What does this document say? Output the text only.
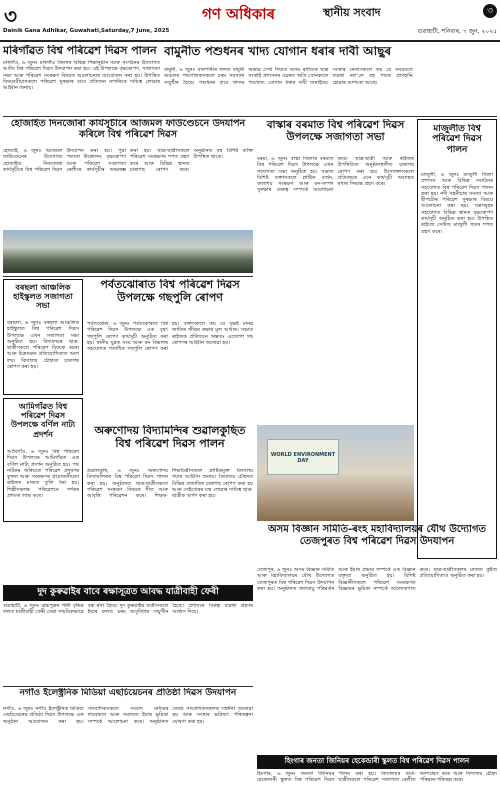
৩	গণ অধিকাৰ	স্থানীয় সংবাদ	৩
Dainik Gana Adhikar, Guwahati,Saturday,7 June, 2025	গুৱাহাটী, শনিবাৰ, ৭ জুন, ২০২৫
মৰিগাঁৱত বিশ্ব পৰিৱেশ দিৱস পালন
মৰিগাঁও, ৬ জুনঃ মৰিগাঁও জিলাৰ বিভিন্ন শিক্ষানুষ্ঠান আৰু সংগঠনৰ উদ্যোগত আজি বিশ্ব পৰিৱেশ দিৱস উদযাপন কৰা হয়। এই উপলক্ষে বৃক্ষৰোপণ, সজাগতা সভা আৰু পৰিৱেশ সংৰক্ষণ বিষয়ক আলোচনাৰ আয়োজন কৰা হয়। উপস্থিত বিষয়ববীয়াসকলে পৰিৱেশ সুৰক্ষাৰ বাবে প্ৰতিজন নাগৰিকে দায়িত্ব লোৱাৰ আহ্বান জনায়।
বামুনীত পশুধনৰ খাদ্য যোগান ধৰাৰ দাবী আছুৰ
বামুনী, ৬ জুনঃ বানপানীৰ ফলত বামুনী অঞ্চলৰ পশুপালকসকলে চৰম সমস্যাৰ সন্মুখীন হৈছে। পশুধনৰ বাবে খাদ্যৰ অভাৱ দেখা দিয়াত অসম ৰাজ্যিক ছাত্ৰ সংস্থাই প্ৰশাসনৰ ওচৰত অতি সোনকালে পশুখাদ্য যোগান ধৰাৰ দাবী জনাইছে। সংস্থাৰ নেতাসকলে কয় যে সময়মতে ব্যৱস্থা নলʼলে বহু পশুৰ প্ৰাণহানি হোৱাৰ আশংকা আছে।
হোজাইত দিনজোৰা কাৰ্যসূচীৰে আজমল ফাউণ্ডেচনে উদযাপন কৰিলে বিশ্ব পৰিৱেশ দিৱস
হোজাই, ৬ জুনঃ আজমল ফাউণ্ডেচনৰ উদ্যোগত হোজাইত দিনজোৰা কাৰ্যসূচীৰে বিশ্ব পৰিৱেশ দিৱস উদযাপন কৰা হয়। পুৱা পতাকা উত্তোলন, বৃক্ষৰোপণ আৰু পৰিৱেশ সজাগতা ৰেলীৰে কাৰ্যসূচীৰ শুভাৰম্ভ কৰা হয়। ছাত্ৰ-ছাত্ৰীসকলে পৰিৱেশ সংৰক্ষণৰ শপত গ্ৰহণ কৰে আৰু বিভিন্ন স্থানত চাৰাগছ ৰোপণ কৰে। অনুষ্ঠানত বহু বিশিষ্ট ব্যক্তি উপস্থিত থাকে।
বাস্কাৰ বৰমাত বিশ্ব পৰিৱেশ দিৱস উপলক্ষে সজাগতা সভা
বৰমা, ৬ জুনঃ বাস্কা জিলাৰ বৰমাত বিশ্ব পৰিৱেশ দিৱস উপলক্ষে এখন সজাগতা সভা অনুষ্ঠিত হয়। সভাত বিশিষ্ট বক্তাসকলে প্লাষ্টিক বৰ্জন, জলাশয় সংৰক্ষণ আৰু বন-সম্পদ সুৰক্ষাৰ গুৰুত্ব সম্পৰ্কে আলোচনা কৰে। ছাত্ৰ-ছাত্ৰী আৰু ৰাইজৰ উপস্থিতিত অনুষ্ঠানস্থলীত চাৰাগছ ৰোপণ কৰা হয়। উদ্যোক্তাসকলে প্ৰতিবছৰে এনে কাৰ্যসূচী অব্যাহত ৰখাৰ সিদ্ধান্ত গ্ৰহণ কৰে।
মাজুলীত বিশ্ব পৰিৱেশ দিৱস পালন
মাজুলী, ৬ জুনঃ মাজুলী জিলা প্ৰশাসন আৰু বিভিন্ন সংগঠনৰ সহযোগত বিশ্ব পৰিৱেশ দিৱস পালন কৰা হয়। নদী খহনীয়াৰ সমস্যা আৰু দ্বীপটোৰ পৰিৱেশ সুৰক্ষাৰ বিষয়ে আলোচনা কৰা হয়। সত্ৰসমূহৰ সহযোগত বিভিন্ন স্থানত বৃক্ষৰোপণ কাৰ্যসূচী অনুষ্ঠিত কৰা হয়। উপস্থিত ৰাইজে সেউজ মাজুলী গঢ়াৰ শপত গ্ৰহণ কৰে।
বৰছলা আঞ্চলিক হাইস্কুলত সজাগতা সভা
বৰছলা, ৬ জুনঃ বৰছলা আঞ্চলিক হাইস্কুলত বিশ্ব পৰিৱেশ দিৱস উপলক্ষে এখন সজাগতা সভা অনুষ্ঠিত হয়। বিদ্যালয়ৰ ছাত্ৰ-ছাত্ৰীসকলে পৰিৱেশ বিষয়ক ৰচনা আৰু চিত্ৰাংকন প্ৰতিযোগিতাত অংশ লয়। বিদ্যালয় চৌহদত চাৰাগছ ৰোপণ কৰা হয়।
পৰ্বতঝোৰাত বিশ্ব পৰিৱেশ দিৱস উপলক্ষে গছপুলি ৰোপণ
পৰ্বতঝোৰা, ৬ জুনঃ পৰ্বতঝোৰাত বিশ্ব পৰিৱেশ দিৱস উপলক্ষে এক বৃহৎ গছপুলি ৰোপণ কাৰ্যসূচী অনুষ্ঠিত কৰা হয়। স্থানীয় যুৱক সংঘ আৰু বন বিভাগৰ সহযোগত শতাধিক গছপুলি ৰোপণ কৰা হয়। বক্তাসকলে কয় যে বৃক্ষই মানৱ জাতিৰ জীৱন ৰক্ষাৰ মূল আধাৰ। সভাত ৰাইজক প্ৰতিজনে অন্ততঃ এজোপা গছ ৰোপণৰ আহ্বান জনোৱা হয়।
আমিগাঁৱত বিশ্ব পৰিৱেশ দিৱস উপলক্ষে বৰ্ণিল নাট্য প্ৰদৰ্শন
আমিগাঁও, ৬ জুনঃ বিশ্ব পৰিৱেশ দিৱস উপলক্ষে আমিগাঁৱত এক বৰ্ণিল নাট্য প্ৰদৰ্শন অনুষ্ঠিত হয়। পথ নাটকৰ জৰিয়তে পৰিৱেশ প্ৰদূষণৰ কুফল আৰু সংৰক্ষণৰ প্ৰয়োজনীয়তা ৰাইজৰ মাজত তুলি ধৰা হয়। শিল্পীসকলৰ পৰিৱেশনে দৰ্শকৰ প্ৰশংসা লাভ কৰে।
অৰুণোদয় বিদ্যামন্দিৰ শুৱালকুছিত বিশ্ব পৰিৱেশ দিৱস পালন
শুৱালকুছি, ৬ জুনঃ অৰুণোদয় বিদ্যামন্দিৰত বিশ্ব পৰিৱেশ দিৱস পালন কৰা হয়। অনুষ্ঠানত ছাত্ৰ-ছাত্ৰীসকলে পৰিৱেশ সংৰক্ষণ বিষয়ক গীত আৰু আবৃত্তি পৰিৱেশন কৰে। শিক্ষক-শিক্ষয়িত্ৰীসকলে প্লাষ্টিকমুক্ত বিদ্যালয় গঢ়াৰ আহ্বান জনায়। বিদ্যালয় চৌহদত বিভিন্ন প্ৰজাতিৰ চাৰাগছ ৰোপণ কৰা হয় আৰু সেইবোৰৰ যত্ন লোৱাৰ দায়িত্ব ছাত্ৰ-ছাত্ৰীক অৰ্পণ কৰা হয়।
WORLD ENVIRONMENT DAY
অসম বিজ্ঞান সমিতি-ৰংহ মহাবিদ্যালয়ৰ যৌথ উদ্যোগত তেজপুৰত বিশ্ব পৰিৱেশ দিৱস উদযাপন
তেজপুৰ, ৬ জুনঃ অসম বিজ্ঞান সমিতি আৰু মহাবিদ্যালয়ৰ যৌথ উদ্যোগত তেজপুৰত বিশ্ব পৰিৱেশ দিৱস উদযাপন কৰা হয়। অনুষ্ঠানত জলবায়ু পৰিৱৰ্তন আৰু ইয়াৰ প্ৰভাৱ সম্পৰ্কে এক বিজ্ঞান বক্তৃতা অনুষ্ঠিত হয়। বিশিষ্ট বিজ্ঞানীসকলে পৰিৱেশ সংৰক্ষণত বিজ্ঞানৰ ভূমিকা সম্পৰ্কে আলোকপাত কৰে। ছাত্ৰ-ছাত্ৰীসকলৰ মাজত কুইজ প্ৰতিযোগিতাও অনুষ্ঠিত কৰা হয়।
দুদ কুৰুৱাইৰ বাবে ৰক্ষাসূত্ৰত আবদ্ধ যাত্ৰীবাহী ফেৰী
গুৱাহাটী, ৬ জুনঃ ব্ৰহ্মপুত্ৰৰ পানী বৃদ্ধিৰ ফলত যাত্ৰীবাহী ফেৰী সেৱা সাময়িকভাৱে বন্ধ ৰখা হৈছে। দুদ কুৰুৱাইৰ যাত্ৰীসকলে ইয়াৰ ফলত চৰম অসুবিধাৰ সন্মুখীন হৈছে। প্ৰশাসনে বিকল্প ব্যৱস্থা গ্ৰহণৰ আশ্বাস দিছে।
নগাঁও ইলেক্ট্ৰনিক মিডিয়া এছচিয়েচনৰ প্ৰতিষ্ঠা দিৱস উদযাপন
নগাঁও, ৬ জুনঃ নগাঁও ইলেক্ট্ৰনিক মিডিয়া এছচিয়েচনৰ প্ৰতিষ্ঠা দিৱস উপলক্ষে এক অনুষ্ঠান আয়োজন কৰা হয়। সাংবাদিকসকলে সংবাদ মাধ্যমৰ দায়বদ্ধতা আৰু সমাজত ইয়াৰ ভূমিকা সম্পৰ্কে আলোচনা কৰে। অনুষ্ঠানত জ্যেষ্ঠ সাংবাদিকসকলক সম্বৰ্ধনা জনোৱা হয় আৰু সংস্থাৰ ভৱিষ্যৎ পৰিকল্পনা ঘোষণা কৰা হয়।
হিংগাৰ জনতা জিনিয়ৰ হেকেন্ডাৰী স্কুলত বিশ্ব পৰিৱেশ দিৱস পালন
হিংগাৰ, ৬ জুনঃ জনতা জিনিয়ৰ হেকেন্ডাৰী স্কুলত বিশ্ব পৰিৱেশ দিৱস পালন কৰা হয়। বিদ্যালয়ৰ ছাত্ৰ-ছাত্ৰীসকলে পৰিৱেশ সজাগতা ৰেলীত অংশগ্ৰহণ কৰে আৰু বিদ্যালয় চৌহদ পৰিষ্কাৰ-পৰিচ্ছন্ন কৰে।
